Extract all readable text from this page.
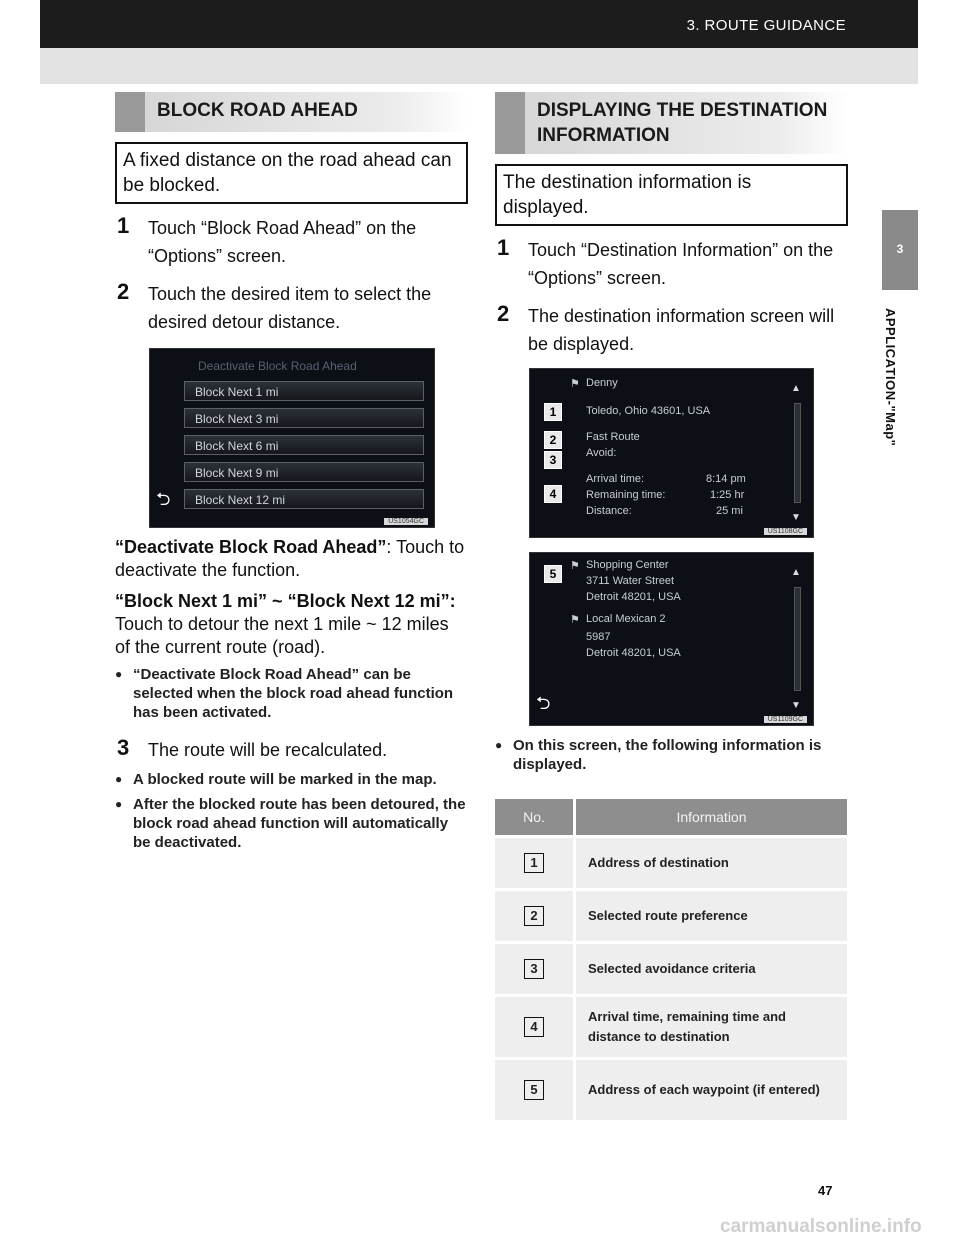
3. ROUTE GUIDANCE
3
APPLICATION-"Map"
BLOCK ROAD AHEAD
A fixed distance on the road ahead can be blocked.
1 Touch “Block Road Ahead” on the “Options” screen.
2 Touch the desired item to select the desired detour distance.
Deactivate Block Road Ahead
Block Next 1 mi
Block Next 3 mi
Block Next 6 mi
Block Next 9 mi
Block Next 12 mi
⮌
US1054GC

“Deactivate Block Road Ahead”: Touch to deactivate the function.

“Block Next 1 mi” ~ “Block Next 12 mi”: Touch to detour the next 1 mile ~ 12 miles of the current route (road).

● “Deactivate Block Road Ahead” can be selected when the block road ahead function has been activated.
3 The route will be recalculated.
● A blocked route will be marked in the map.
● After the blocked route has been detoured, the block road ahead function will automatically be deactivated.
DISPLAYING THE DESTINATION INFORMATION
The destination information is displayed.
1 Touch “Destination Information” on the “Options” screen.
2 The destination information screen will be displayed.
⚑ Denny
1	Toledo, Ohio 43601, USA
2	Fast Route
3	Avoid:
Arrival time:	8:14 pm
4	Remaining time:	1:25 hr
Distance:	25 mi
▲
▼
US1108GC
5
⚑ Shopping Center
3711 Water Street
Detroit 48201, USA
⚑ Local Mexican 2
5987
Detroit 48201, USA
⮌
▲
▼
US1109GC
● On this screen, the following information is displayed.
No.	Information
1	Address of destination
2	Selected route preference
3	Selected avoidance criteria
4	Arrival time, remaining time and distance to destination
5	Address of each waypoint (if entered)
47
carmanualsonline.info
